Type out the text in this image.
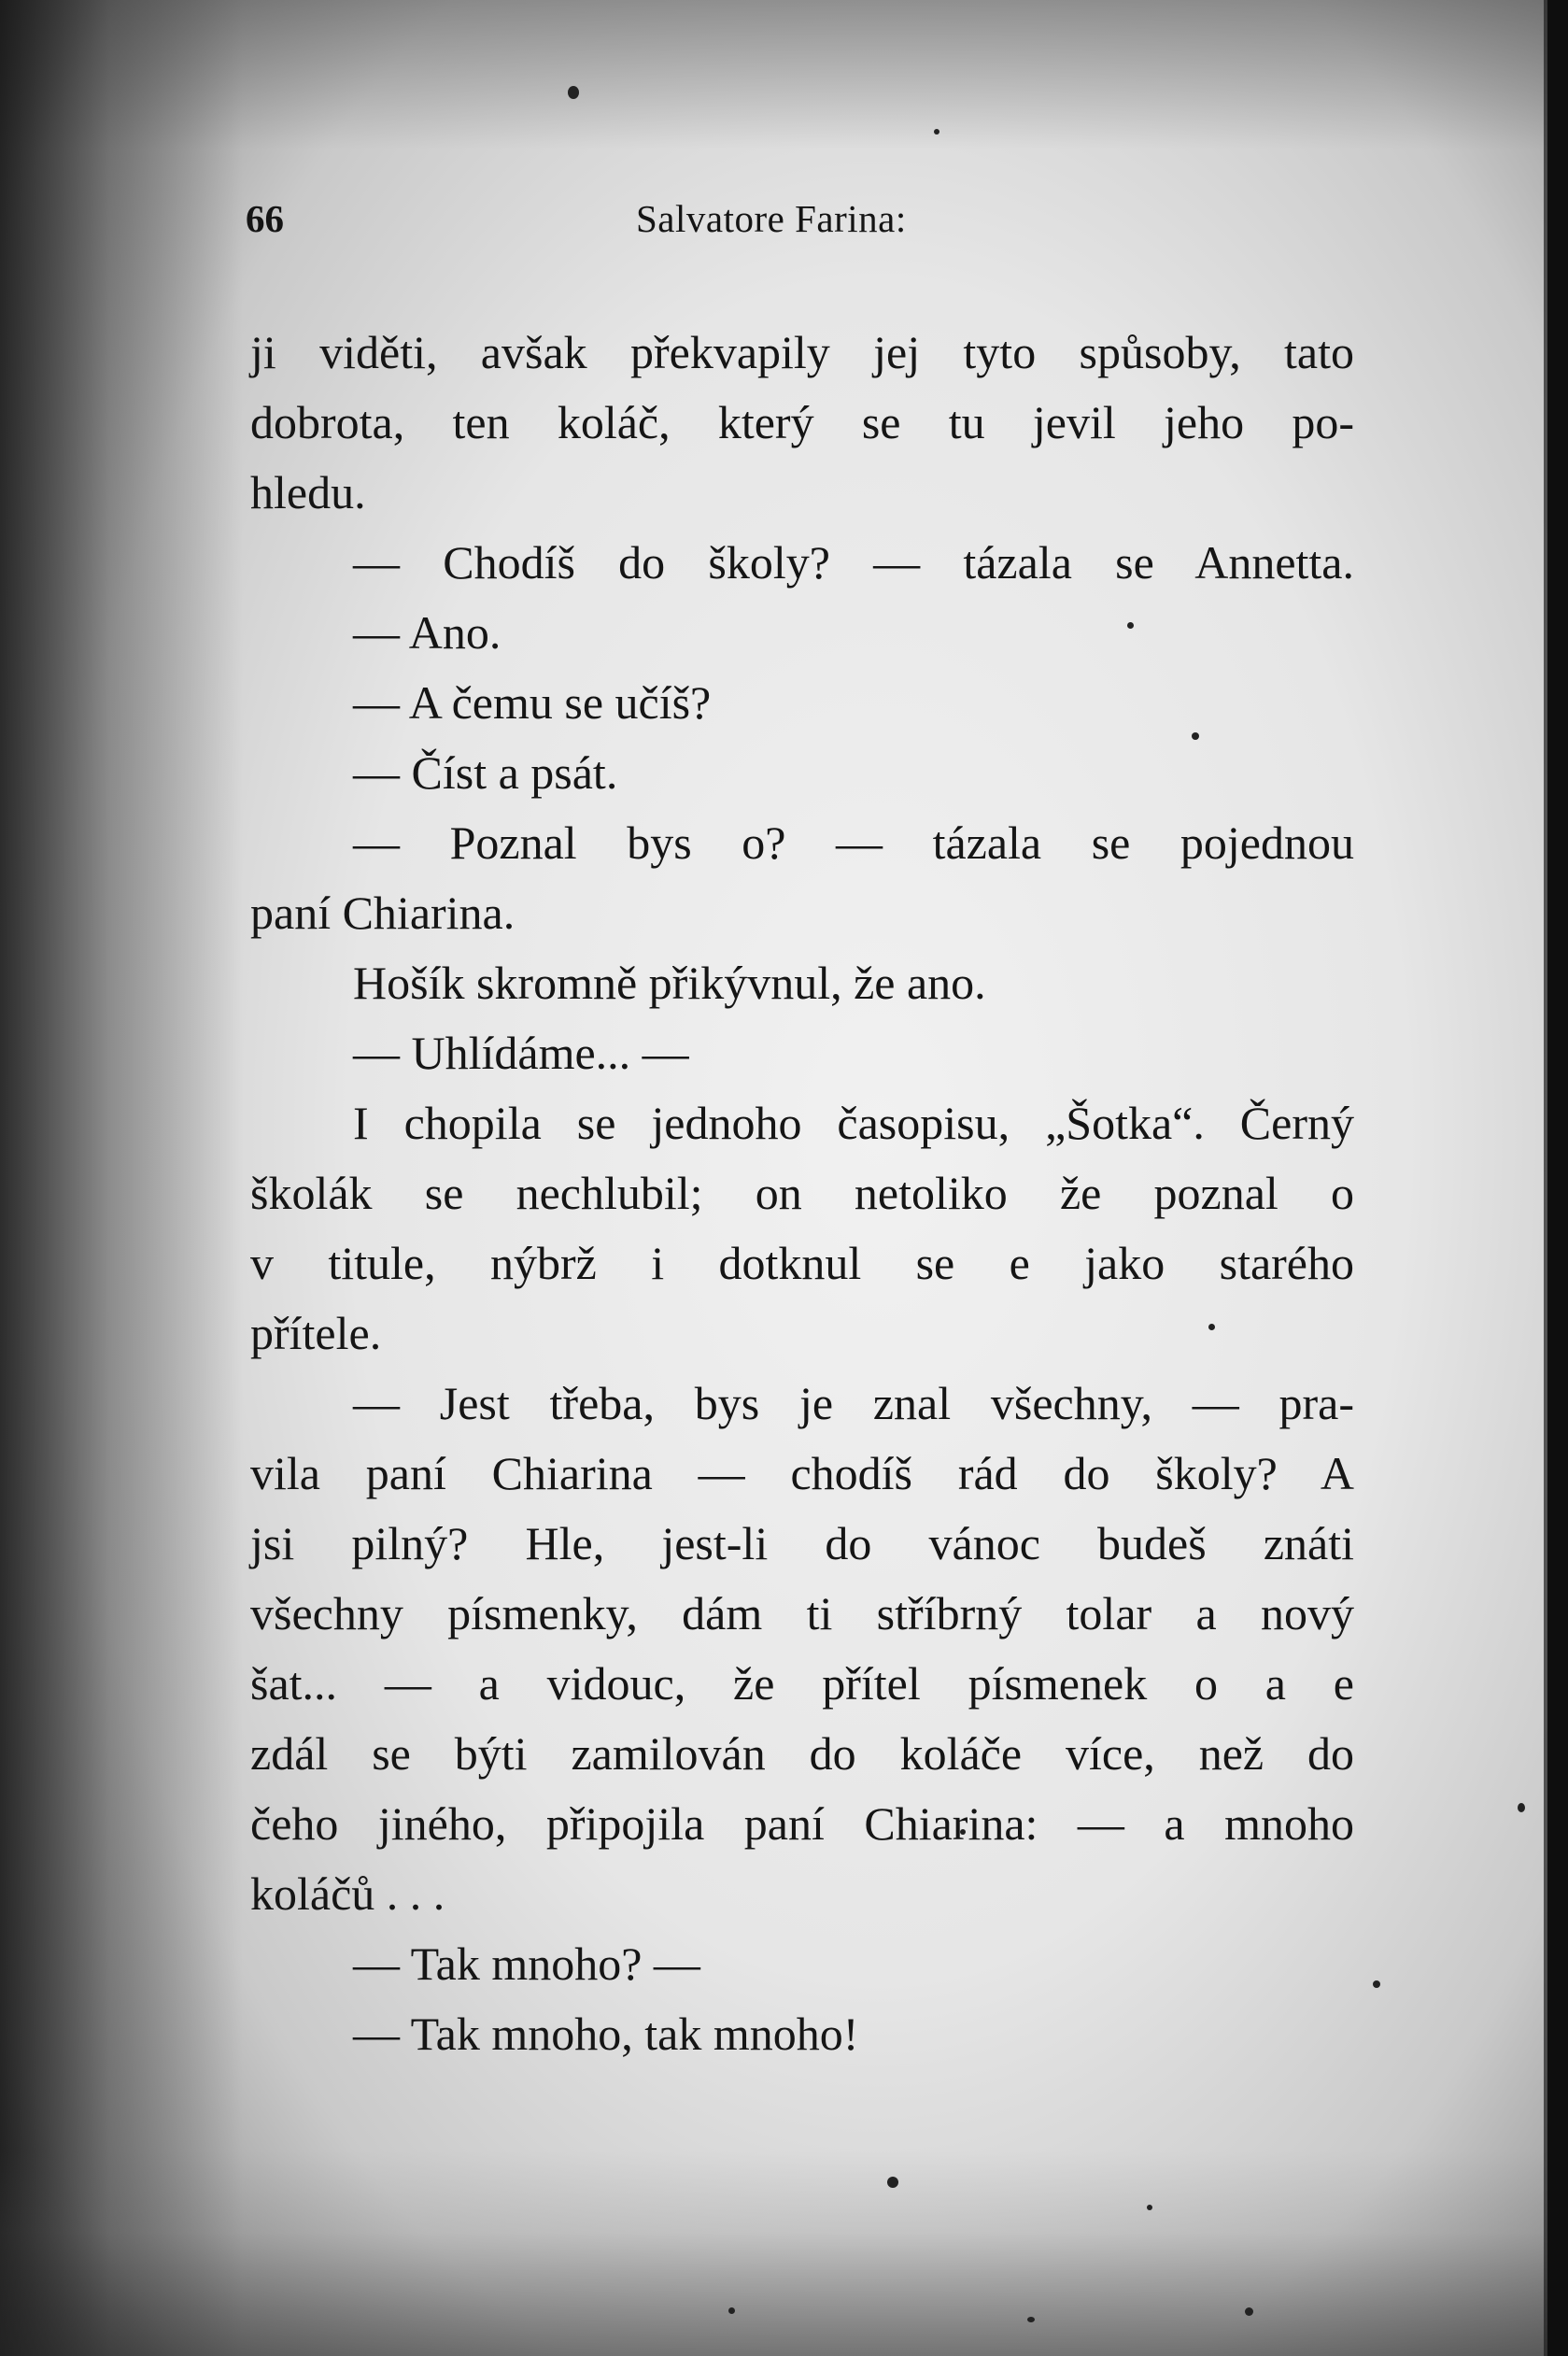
66	Salvatore Farina:
ji viděti, avšak překvapily jej tyto spůsoby, tato
dobrota, ten koláč, který se tu jevil jeho po-
hledu.
— Chodíš do školy? — tázala se Annetta.
— Ano.
— A čemu se učíš?
— Číst a psát.
— Poznal bys o? — tázala se pojednou
paní Chiarina.
Hošík skromně přikývnul, že ano.
— Uhlídáme... —
I chopila se jednoho časopisu, „Šotka“. Černý
školák se nechlubil; on netoliko že poznal o
v titule, nýbrž i dotknul se e jako starého
přítele.
— Jest třeba, bys je znal všechny, — pra-
vila paní Chiarina — chodíš rád do školy? A
jsi pilný? Hle, jest-li do vánoc budeš znáti
všechny písmenky, dám ti stříbrný tolar a nový
šat... — a vidouc, že přítel písmenek o a e
zdál se býti zamilován do koláče více, než do
čeho jiného, připojila paní Chiarina: — a mnoho
koláčů . . .
— Tak mnoho? —
— Tak mnoho, tak mnoho!
